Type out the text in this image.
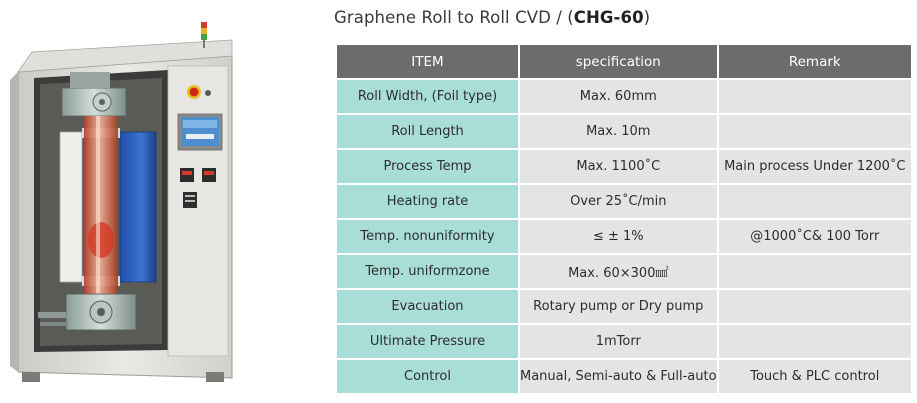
Graphene Roll to Roll CVD / (CHG-60)
ITEM	specification	Remark
Roll Width, (Foil type)	Max. 60mm	
Roll Length	Max. 10m	
Process Temp	Max. 1100˚C	Main process Under 1200˚C
Heating rate	Over 25˚C/min	
Temp. nonuniformity	≤ ± 1%	@1000˚C& 100 Torr
Temp. uniformzone	Max. 60×300㎟	
Evacuation	Rotary pump or Dry pump	
Ultimate Pressure	1mTorr	
Control	Manual, Semi-auto & Full-auto	Touch & PLC control
